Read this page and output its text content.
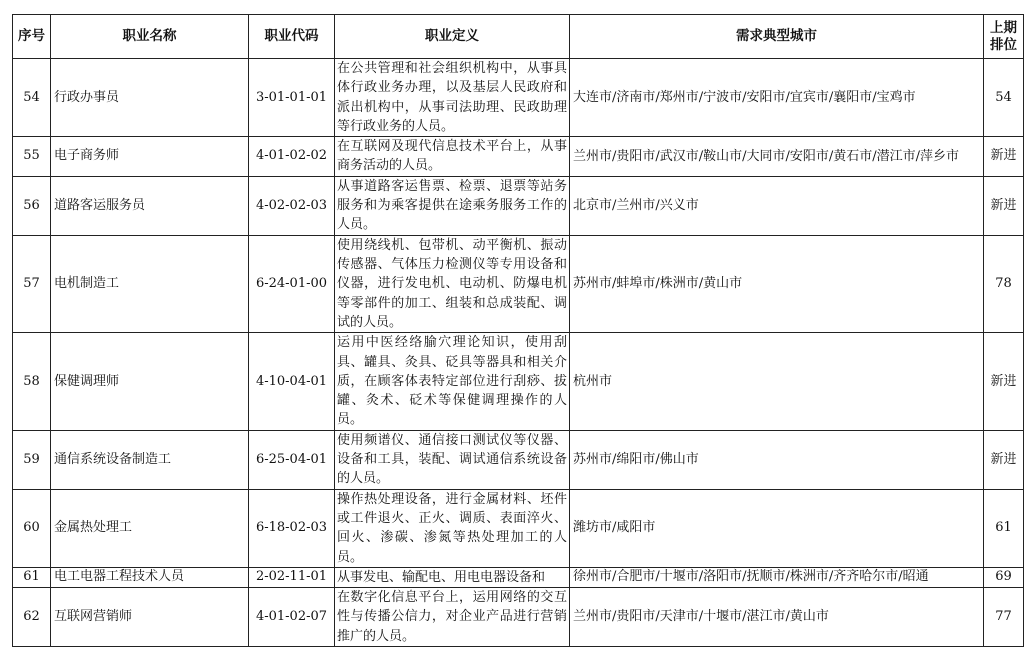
序号	职业名称	职业代码	职业定义	需求典型城市	上期排位
54	行政办事员	3-01-01-01	在公共管理和社会组织机构中，从事具体行政业务办理，以及基层人民政府和派出机构中，从事司法助理、民政助理等行政业务的人员。	大连市/济南市/郑州市/宁波市/安阳市/宜宾市/襄阳市/宝鸡市	54
55	电子商务师	4-01-02-02	在互联网及现代信息技术平台上，从事商务活动的人员。	兰州市/贵阳市/武汉市/鞍山市/大同市/安阳市/黄石市/潜江市/萍乡市	新进
56	道路客运服务员	4-02-02-03	从事道路客运售票、检票、退票等站务服务和为乘客提供在途乘务服务工作的人员。	北京市/兰州市/兴义市	新进
57	电机制造工	6-24-01-00	使用绕线机、包带机、动平衡机、振动传感器、气体压力检测仪等专用设备和仪器，进行发电机、电动机、防爆电机等零部件的加工、组装和总成装配、调试的人员。	苏州市/蚌埠市/株洲市/黄山市	78
58	保健调理师	4-10-04-01	运用中医经络腧穴理论知识，使用刮具、罐具、灸具、砭具等器具和相关介质，在顾客体表特定部位进行刮痧、拔罐、灸术、砭术等保健调理操作的人员。	杭州市	新进
59	通信系统设备制造工	6-25-04-01	使用频谱仪、通信接口测试仪等仪器、设备和工具，装配、调试通信系统设备的人员。	苏州市/绵阳市/佛山市	新进
60	金属热处理工	6-18-02-03	操作热处理设备，进行金属材料、坯件或工件退火、正火、调质、表面淬火、回火、渗碳、渗氮等热处理加工的人员。	潍坊市/咸阳市	61
61	电工电器工程技术人员	2-02-11-01	从事发电、输配电、用电电器设备和	徐州市/合肥市/十堰市/洛阳市/抚顺市/株洲市/齐齐哈尔市/昭通	69
62	互联网营销师	4-01-02-07	在数字化信息平台上，运用网络的交互性与传播公信力，对企业产品进行营销推广的人员。	兰州市/贵阳市/天津市/十堰市/湛江市/黄山市	77
